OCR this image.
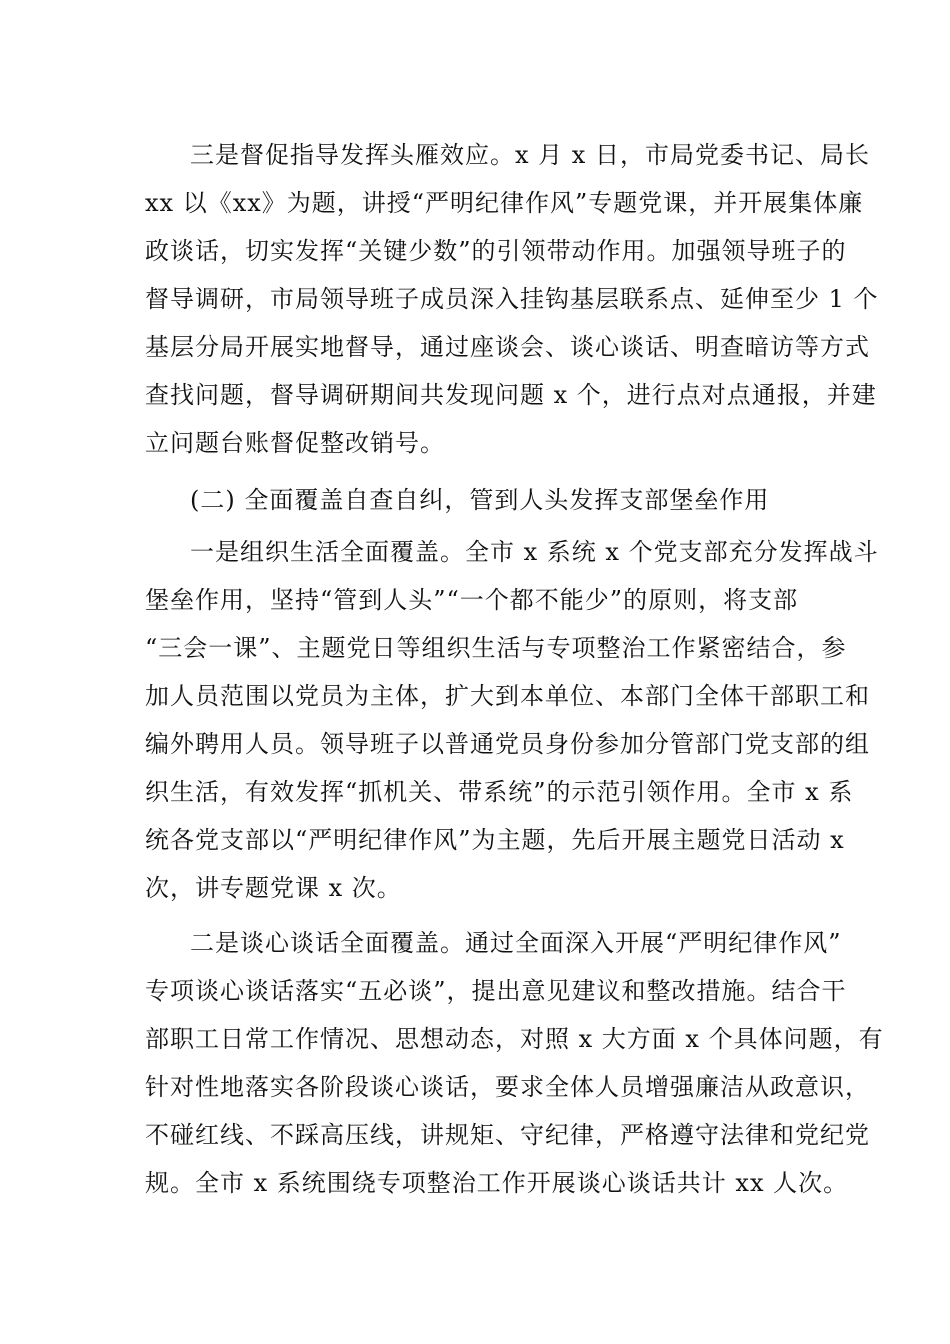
三是督促指导发挥头雁效应。x 月 x 日，市局党委书记、局长
xx 以《xx》为题，讲授“严明纪律作风”专题党课，并开展集体廉
政谈话，切实发挥“关键少数”的引领带动作用。加强领导班子的
督导调研，市局领导班子成员深入挂钩基层联系点、延伸至少 1 个
基层分局开展实地督导，通过座谈会、谈心谈话、明查暗访等方式
查找问题，督导调研期间共发现问题 x 个，进行点对点通报，并建
立问题台账督促整改销号。
(二) 全面覆盖自查自纠，管到人头发挥支部堡垒作用
一是组织生活全面覆盖。全市 x 系统 x 个党支部充分发挥战斗
堡垒作用，坚持“管到人头”“一个都不能少”的原则，将支部
“三会一课”、主题党日等组织生活与专项整治工作紧密结合，参
加人员范围以党员为主体，扩大到本单位、本部门全体干部职工和
编外聘用人员。领导班子以普通党员身份参加分管部门党支部的组
织生活，有效发挥“抓机关、带系统”的示范引领作用。全市 x 系
统各党支部以“严明纪律作风”为主题，先后开展主题党日活动 x
次，讲专题党课 x 次。
二是谈心谈话全面覆盖。通过全面深入开展“严明纪律作风”
专项谈心谈话落实“五必谈”，提出意见建议和整改措施。结合干
部职工日常工作情况、思想动态，对照 x 大方面 x 个具体问题，有
针对性地落实各阶段谈心谈话，要求全体人员增强廉洁从政意识，
不碰红线、不踩高压线，讲规矩、守纪律，严格遵守法律和党纪党
规。全市 x 系统围绕专项整治工作开展谈心谈话共计 xx 人次。
